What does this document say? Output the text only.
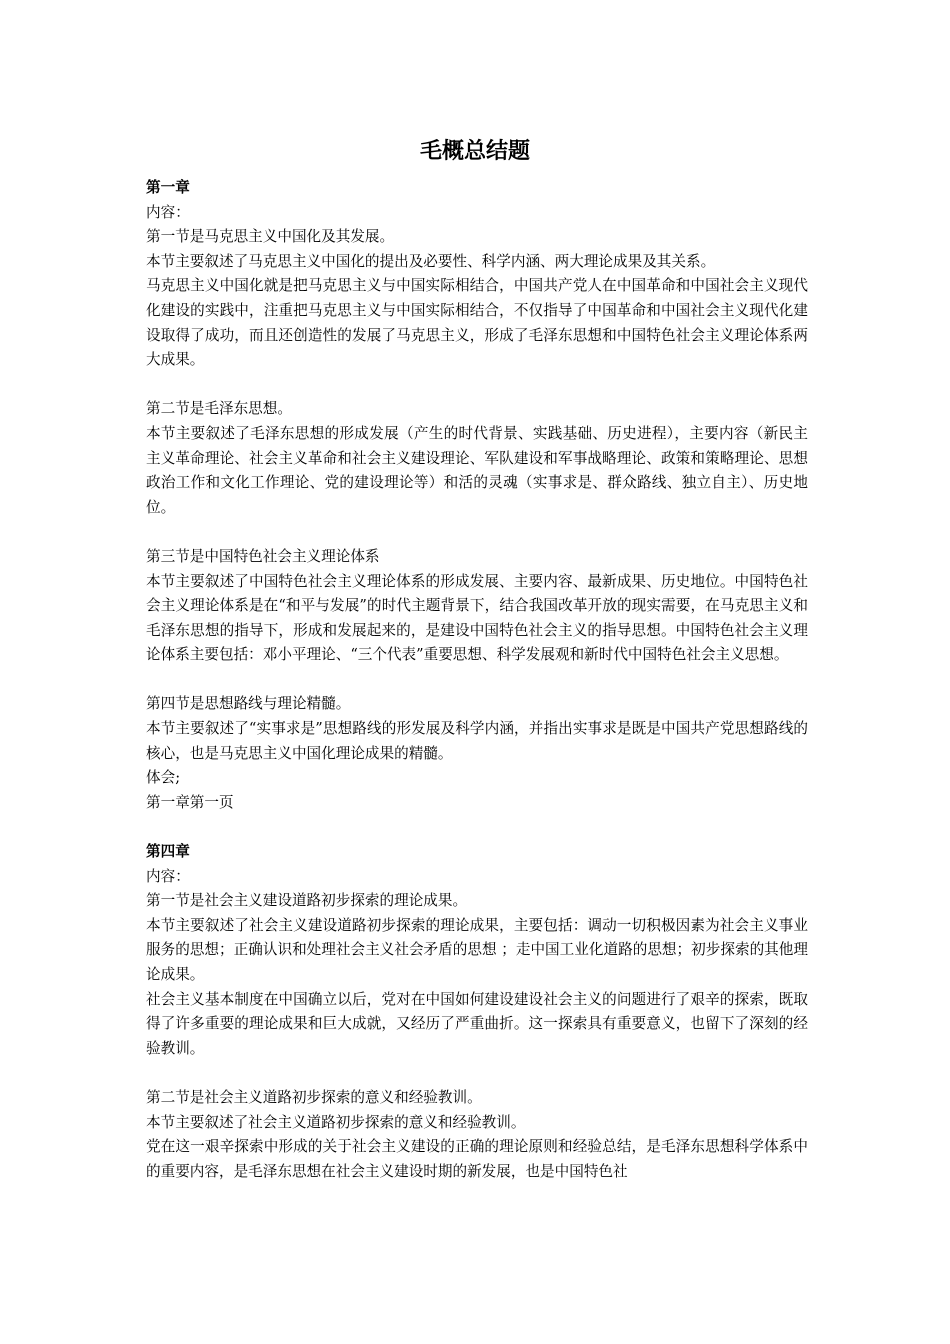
毛概总结题

第一章

内容：

第一节是马克思主义中国化及其发展。

本节主要叙述了马克思主义中国化的提出及必要性、科学内涵、两大理论成果及其关系。

马克思主义中国化就是把马克思主义与中国实际相结合，中国共产党人在中国革命和中国社会主义现代化建设的实践中，注重把马克思主义与中国实际相结合，不仅指导了中国革命和中国社会主义现代化建设取得了成功，而且还创造性的发展了马克思主义，形成了毛泽东思想和中国特色社会主义理论体系两大成果。

第二节是毛泽东思想。

本节主要叙述了毛泽东思想的形成发展（产生的时代背景、实践基础、历史进程），主要内容（新民主主义革命理论、社会主义革命和社会主义建设理论、军队建设和军事战略理论、政策和策略理论、思想政治工作和文化工作理论、党的建设理论等）和活的灵魂（实事求是、群众路线、独立自主）、历史地位。

第三节是中国特色社会主义理论体系

本节主要叙述了中国特色社会主义理论体系的形成发展、主要内容、最新成果、历史地位。中国特色社会主义理论体系是在“和平与发展”的时代主题背景下，结合我国改革开放的现实需要，在马克思主义和毛泽东思想的指导下，形成和发展起来的，是建设中国特色社会主义的指导思想。中国特色社会主义理论体系主要包括：邓小平理论、“三个代表”重要思想、科学发展观和新时代中国特色社会主义思想。

第四节是思想路线与理论精髓。

本节主要叙述了“实事求是”思想路线的形发展及科学内涵，并指出实事求是既是中国共产党思想路线的核心，也是马克思主义中国化理论成果的精髓。

体会;

第一章第一页

第四章

内容：

第一节是社会主义建设道路初步探索的理论成果。

本节主要叙述了社会主义建设道路初步探索的理论成果，主要包括：调动一切积极因素为社会主义事业服务的思想；正确认识和处理社会主义社会矛盾的思想 ；走中国工业化道路的思想；初步探索的其他理论成果。

社会主义基本制度在中国确立以后，党对在中国如何建设建设社会主义的问题进行了艰辛的探索，既取得了许多重要的理论成果和巨大成就，又经历了严重曲折。这一探索具有重要意义，也留下了深刻的经验教训。

第二节是社会主义道路初步探索的意义和经验教训。

本节主要叙述了社会主义道路初步探索的意义和经验教训。

党在这一艰辛探索中形成的关于社会主义建设的正确的理论原则和经验总结，是毛泽东思想科学体系中的重要内容，是毛泽东思想在社会主义建设时期的新发展，也是中国特色社
